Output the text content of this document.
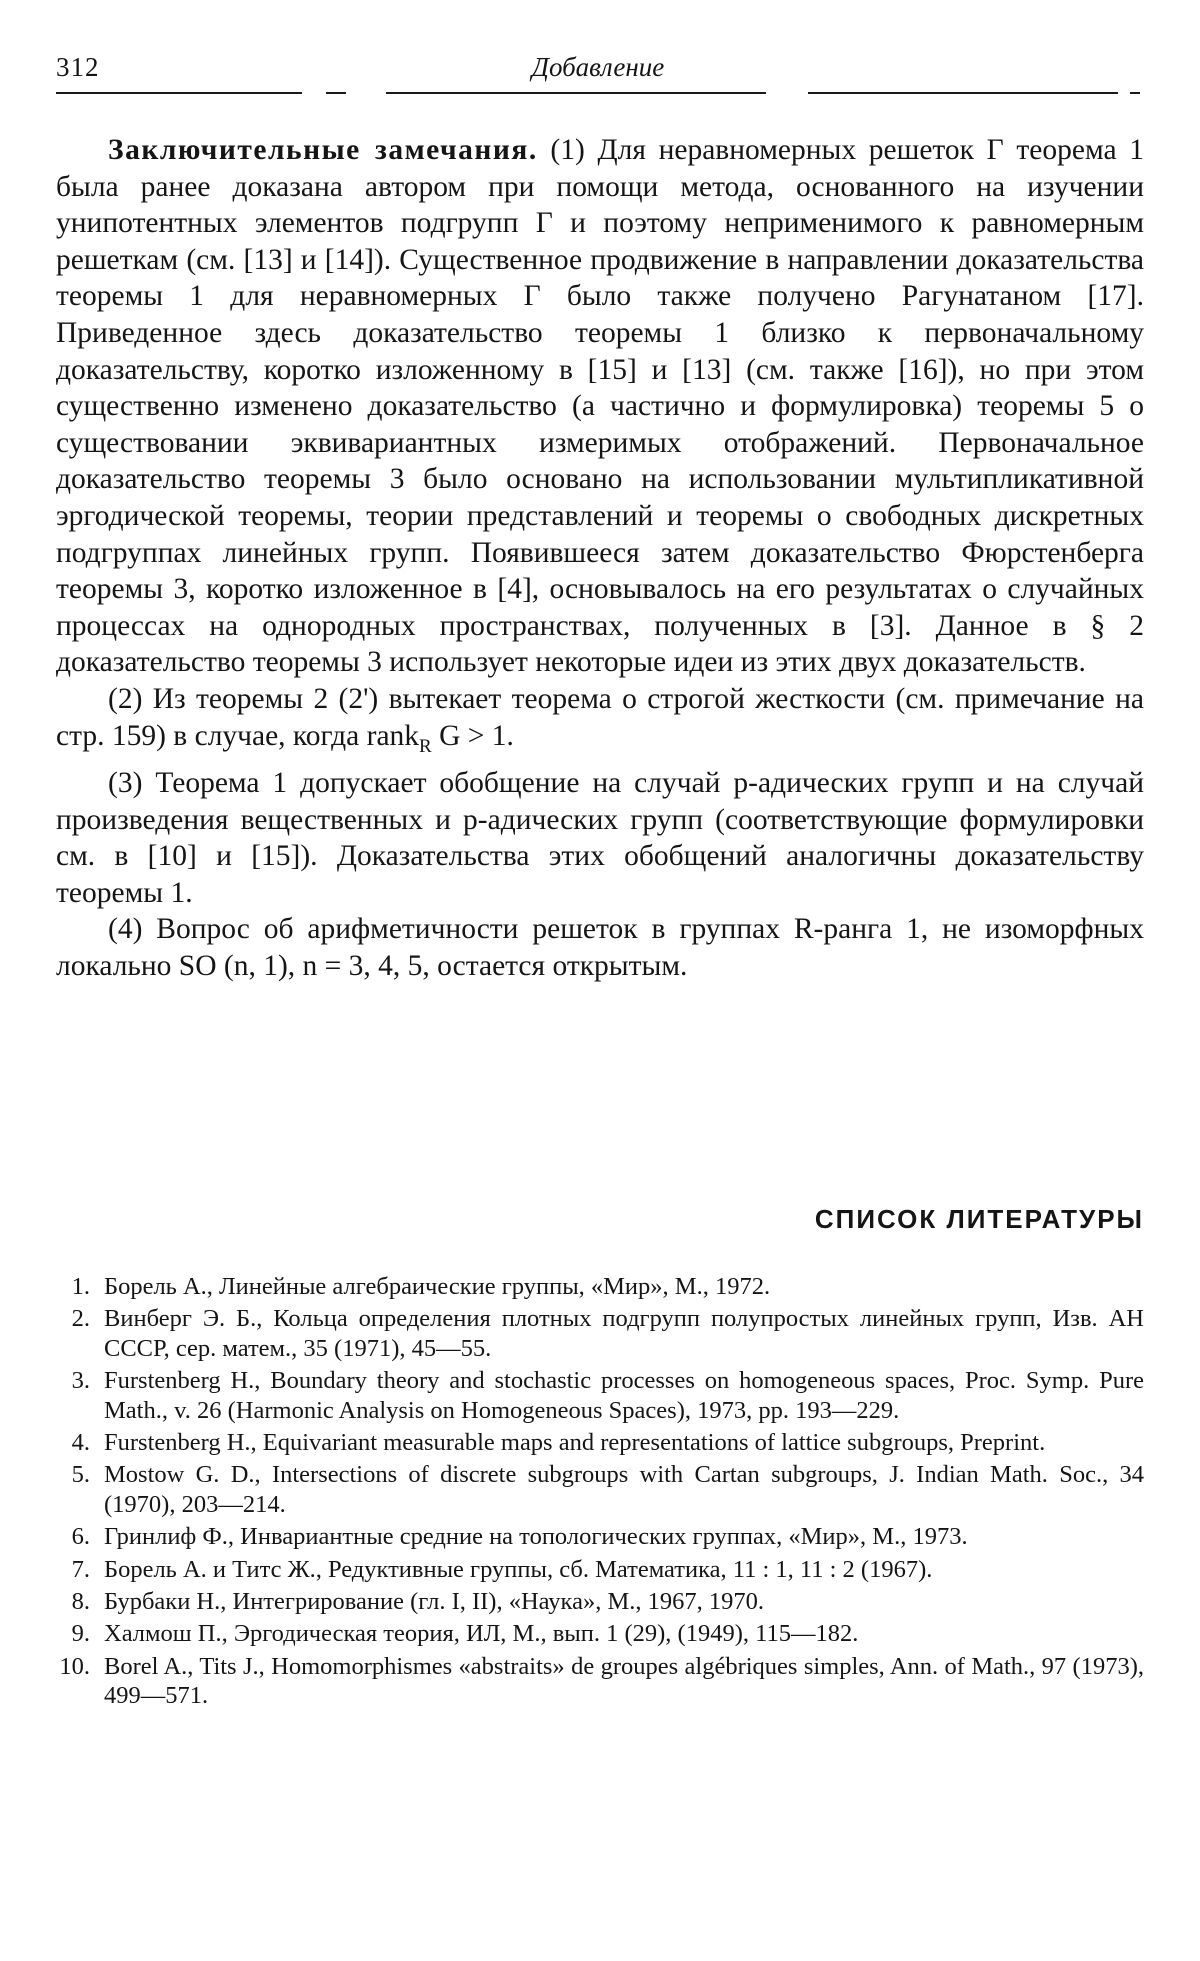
312	Добавление

Заключительные замечания. (1) Для неравномерных решеток Γ теорема 1 была ранее доказана автором при помощи метода, основанного на изучении унипотентных элементов подгрупп Γ и поэтому неприменимого к равномерным решеткам (см. [13] и [14]). Существенное продвижение в направлении доказательства теоремы 1 для неравномерных Γ было также получено Рагунатаном [17]. Приведенное здесь доказательство теоремы 1 близко к первоначальному доказательству, коротко изложенному в [15] и [13] (см. также [16]), но при этом существенно изменено доказательство (а частично и формулировка) теоремы 5 о существовании эквивариантных измеримых отображений. Первоначальное доказательство теоремы 3 было основано на использовании мультипликативной эргодической теоремы, теории представлений и теоремы о свободных дискретных подгруппах линейных групп. Появившееся затем доказательство Фюрстенберга теоремы 3, коротко изложенное в [4], основывалось на его результатах о случайных процессах на однородных пространствах, полученных в [3]. Данное в § 2 доказательство теоремы 3 использует некоторые идеи из этих двух доказательств.

(2) Из теоремы 2 (2') вытекает теорема о строгой жесткости (см. примечание на стр. 159) в случае, когда rank$_R$ G > 1.

(3) Теорема 1 допускает обобщение на случай p-адических групп и на случай произведения вещественных и p-адических групп (соответствующие формулировки см. в [10] и [15]). Доказательства этих обобщений аналогичны доказательству теоремы 1.

(4) Вопрос об арифметичности решеток в группах R-ранга 1, не изоморфных локально SO (n, 1), n = 3, 4, 5, остается открытым.

СПИСОК ЛИТЕРАТУРЫ
1. Борель А., Линейные алгебраические группы, «Мир», М., 1972.
2. Винберг Э. Б., Кольца определения плотных подгрупп полупростых линейных групп, Изв. АН СССР, сер. матем., 35 (1971), 45—55.
3. Furstenberg H., Boundary theory and stochastic processes on homogeneous spaces, Proc. Symp. Pure Math., v. 26 (Harmonic Analysis on Homogeneous Spaces), 1973, pp. 193—229.
4. Furstenberg H., Equivariant measurable maps and representations of lattice subgroups, Preprint.
5. Mostow G. D., Intersections of discrete subgroups with Cartan subgroups, J. Indian Math. Soc., 34 (1970), 203—214.
6. Гринлиф Ф., Инвариантные средние на топологических группах, «Мир», М., 1973.
7. Борель А. и Титс Ж., Редуктивные группы, сб. Математика, 11 : 1, 11 : 2 (1967).
8. Бурбаки Н., Интегрирование (гл. I, II), «Наука», М., 1967, 1970.
9. Халмош П., Эргодическая теория, ИЛ, М., вып. 1 (29), (1949), 115—182.
10. Borel A., Tits J., Homomorphismes «abstraits» de groupes algébriques simples, Ann. of Math., 97 (1973), 499—571.
